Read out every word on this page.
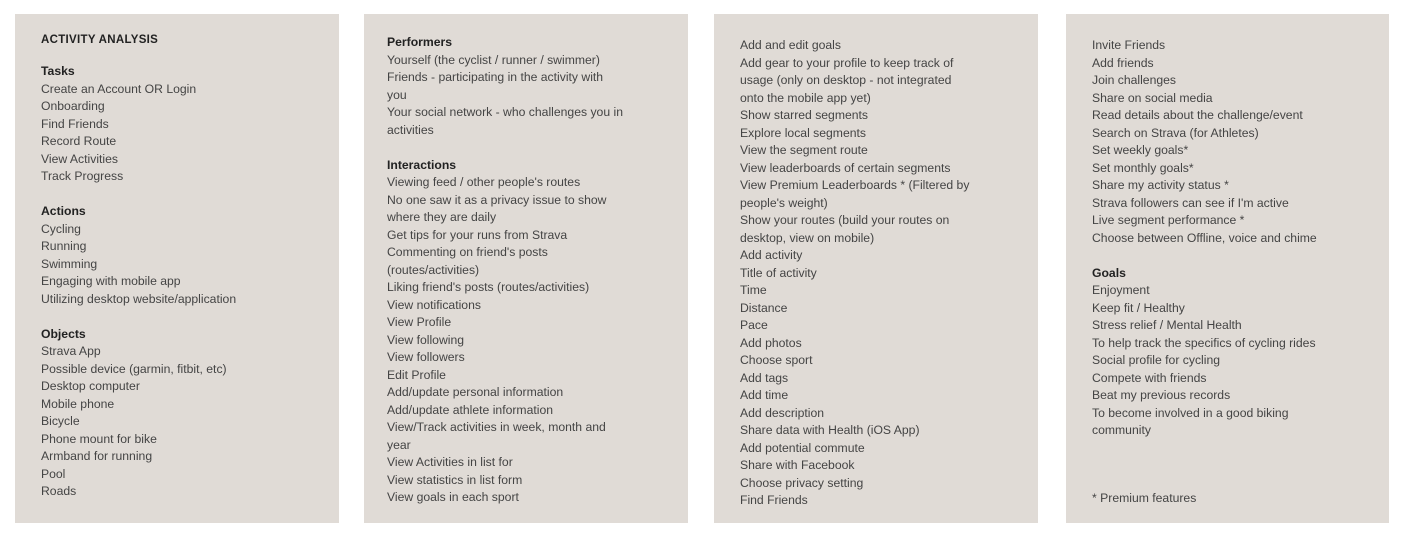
ACTIVITY ANALYSIS
Tasks
Create an Account OR Login
Onboarding
Find Friends
Record Route
View Activities
Track Progress
Actions
Cycling
Running
Swimming
Engaging with mobile app
Utilizing desktop website/application
Objects
Strava App
Possible device (garmin, fitbit, etc)
Desktop computer
Mobile phone
Bicycle
Phone mount for bike
Armband for running
Pool
Roads
Performers
Yourself (the cyclist / runner / swimmer)
Friends - participating in the activity with
you
Your social network - who challenges you in
activities
Interactions
Viewing feed / other people's routes
No one saw it as a privacy issue to show
where they are daily
Get tips for your runs from Strava
Commenting on friend's posts
(routes/activities)
Liking friend's posts (routes/activities)
View notifications
View Profile
View following
View followers
Edit Profile
Add/update personal information
Add/update athlete information
View/Track activities in week, month and
year
View Activities in list for
View statistics in list form
View goals in each sport
Add and edit goals
Add gear to your profile to keep track of
usage (only on desktop - not integrated
onto the mobile app yet)
Show starred segments
Explore local segments
View the segment route
View leaderboards of certain segments
View Premium Leaderboards * (Filtered by
people's weight)
Show your routes (build your routes on
desktop, view on mobile)
Add activity
Title of activity
Time
Distance
Pace
Add photos
Choose sport
Add tags
Add time
Add description
Share data with Health (iOS App)
Add potential commute
Share with Facebook
Choose privacy setting
Find Friends
Invite Friends
Add friends
Join challenges
Share on social media
Read details about the challenge/event
Search on Strava (for Athletes)
Set weekly goals*
Set monthly goals*
Share my activity status *
Strava followers can see if I'm active
Live segment performance *
Choose between Offline, voice and chime
Goals
Enjoyment
Keep fit / Healthy
Stress relief / Mental Health
To help track the specifics of cycling rides
Social profile for cycling
Compete with friends
Beat my previous records
To become involved in a good biking
community
* Premium features
